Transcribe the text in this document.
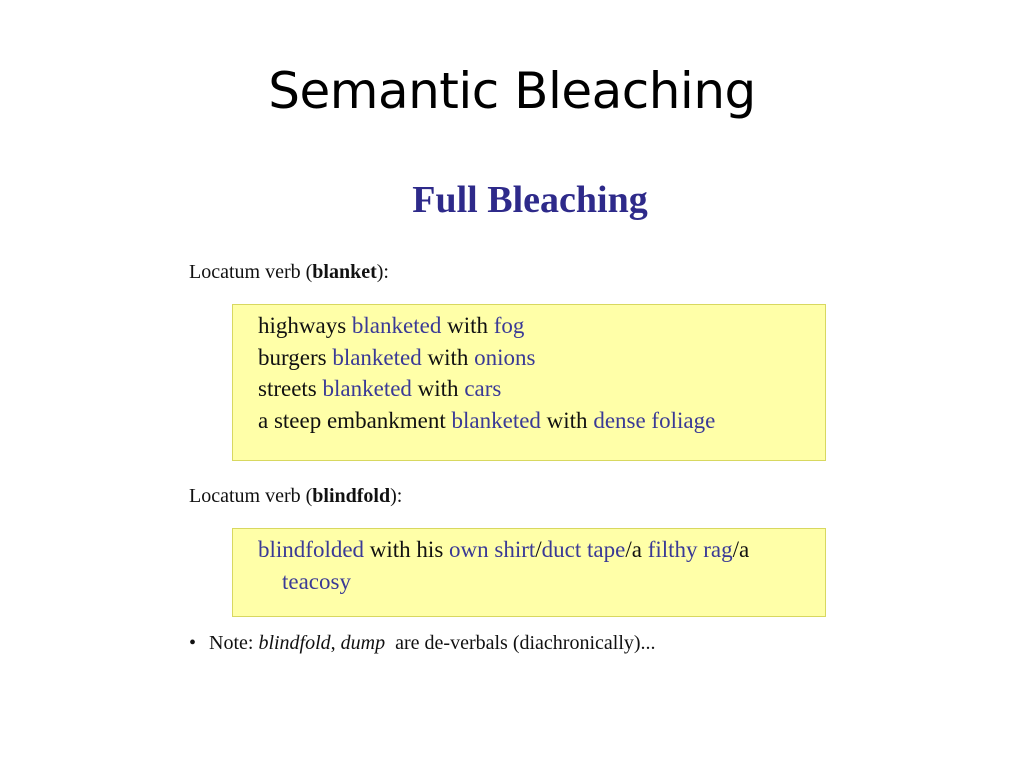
Semantic Bleaching
Full Bleaching
Locatum verb (blanket):
highways blanketed with fog
burgers blanketed with onions
streets blanketed with cars
a steep embankment blanketed with dense foliage
Locatum verb (blindfold):
blindfolded with his own shirt/duct tape/a filthy rag/a
teacosy
• Note: blindfold, dump  are de-verbals (diachronically)...
